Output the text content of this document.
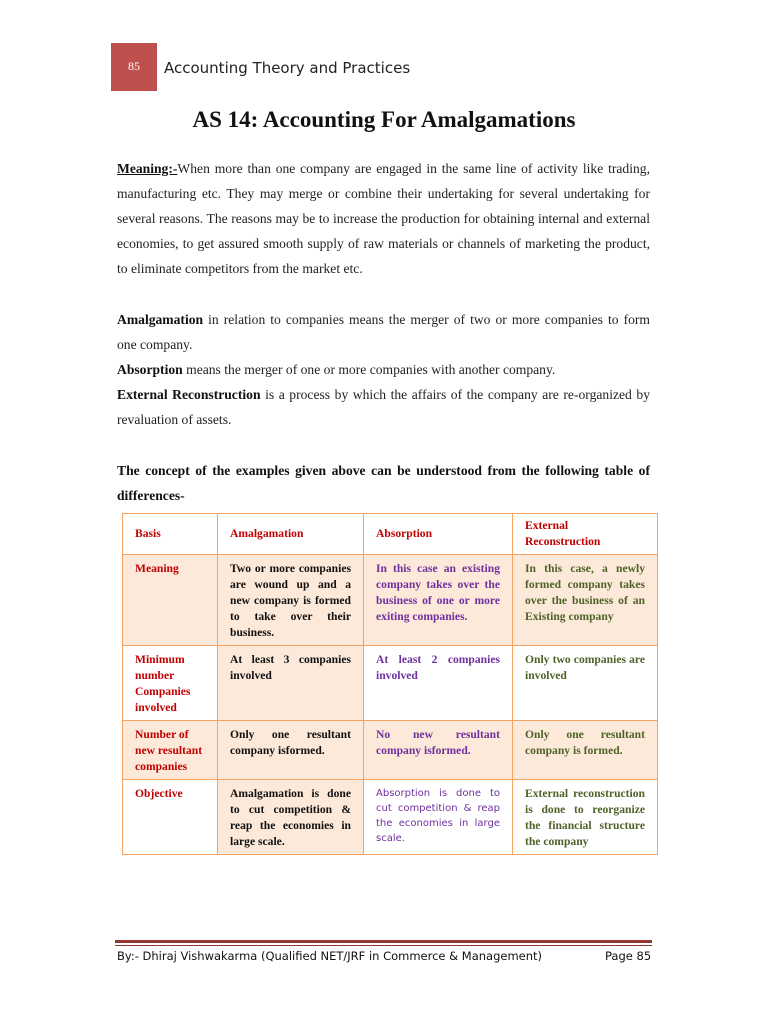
85 Accounting Theory and Practices
AS 14: Accounting For Amalgamations
Meaning:-When more than one company are engaged in the same line of activity like trading, manufacturing etc. They may merge or combine their undertaking for several undertaking for several reasons. The reasons may be to increase the production for obtaining internal and external economies, to get assured smooth supply of raw materials or channels of marketing the product, to eliminate competitors from the market etc.
Amalgamation in relation to companies means the merger of two or more companies to form one company.
Absorption means the merger of one or more companies with another company.
External Reconstruction is a process by which the affairs of the company are re-organized by revaluation of assets.
The concept of the examples given above can be understood from the following table of differences-
Basis	Amalgamation	Absorption	External Reconstruction
Meaning	Two or more companies are wound up and a new company is formed to take over their business.	In this case an existing company takes over the business of one or more exiting companies.	In this case, a newly formed company takes over the business of an Existing company
Minimum number Companies involved	At least 3 companies involved	At least 2 companies involved	Only two companies are involved
Number of new resultant companies	Only one resultant company isformed.	No new resultant company isformed.	Only one resultant company is formed.
Objective	Amalgamation is done to cut competition & reap the economies in large scale.	Absorption is done to cut competition & reap the economies in large scale.	External reconstruction is done to reorganize the financial structure the company
By:- Dhiraj Vishwakarma (Qualified NET/JRF in Commerce & Management)	Page 85
